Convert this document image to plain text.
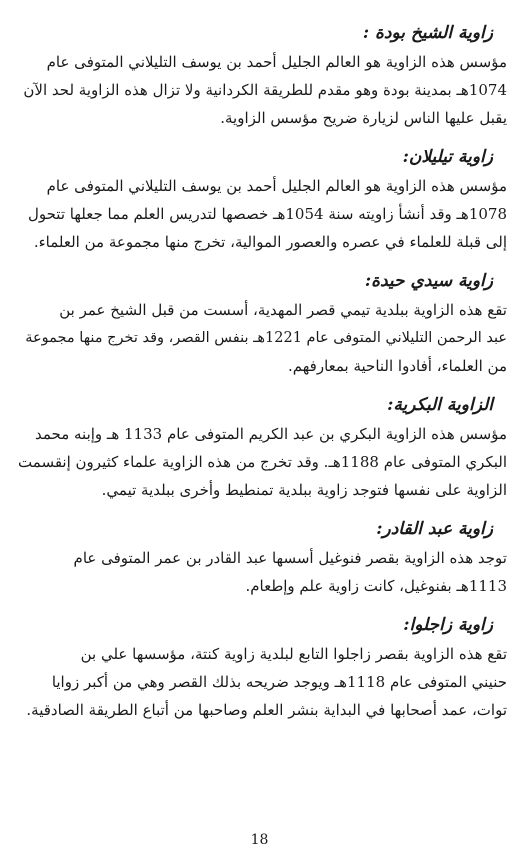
زاوية الشيخ بودة :
مؤسس هذه الزاوية هو العالم الجليل أحمد بن يوسف التليلاني المتوفى عام
1074هـ بمدينة بودة وهو مقدم للطريقة الكردانية ولا تزال هذه الزاوية لحد الآن
يقبل عليها الناس لزيارة ضريح مؤسس الزاوية.
زاوية تيليلان:
مؤسس هذه الزاوية هو العالم الجليل أحمد بن يوسف التليلاني المتوفى عام
1078هـ وقد أنشأ زاويته سنة 1054هـ خصصها لتدريس العلم مما جعلها تتحول
إلى قبلة للعلماء في عصره والعصور الموالية، تخرج منها مجموعة من العلماء.
زاوية سيدي حيدة:
تقع هذه الزاوية ببلدية تيمي قصر المهدية، أسست من قبل الشيخ عمر بن
عبد الرحمن التليلاني المتوفى عام 1221هـ بنفس القصر، وقد تخرج منها مجموعة
من العلماء، أفادوا الناحية بمعارفهم.
الزاوية البكرية:
مؤسس هذه الزاوية البكري بن عبد الكريم المتوفى عام 1133 هـ وإبنه محمد
البكري المتوفى عام 1188هـ. وقد تخرج من هذه الزاوية علماء كثيرون إنقسمت
الزاوية على نفسها فتوجد زاوية ببلدية تمنطيط وأخرى ببلدية تيمي.
زاوية عبد القادر:
توجد هذه الزاوية بقصر فنوغيل أسسها عبد القادر بن عمر المتوفى عام
1113هـ بفنوغيل، كانت زاوية علم وإطعام.
زاوية زاجلوا:
تقع هذه الزاوية بقصر زاجلوا التابع لبلدية زاوية كنتة، مؤسسها علي بن
حنيني المتوفى عام 1118هـ ويوجد ضريحه بذلك القصر وهي من أكبر زوايا
توات، عمد أصحابها في البداية بنشر العلم وصاحبها من أتباع الطريقة الصادقية.
18
